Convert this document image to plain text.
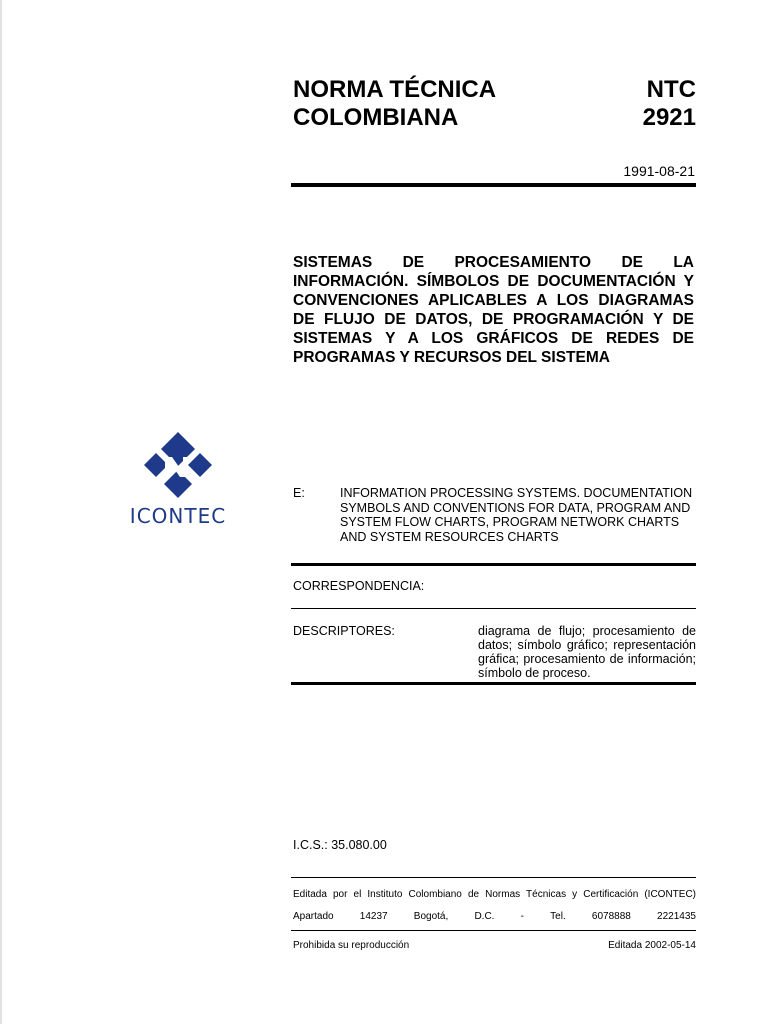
NORMA TÉCNICA
COLOMBIANA
NTC
2921
1991-08-21
SISTEMAS DE PROCESAMIENTO DE LA INFORMACIÓN. SÍMBOLOS DE DOCUMENTACIÓN Y CONVENCIONES APLICABLES A LOS DIAGRAMAS DE FLUJO DE DATOS, DE PROGRAMACIÓN Y DE SISTEMAS Y A LOS GRÁFICOS DE REDES DE PROGRAMAS Y RECURSOS DEL SISTEMA
ICONTEC
E:	INFORMATION PROCESSING SYSTEMS. DOCUMENTATION SYMBOLS AND CONVENTIONS FOR DATA, PROGRAM AND SYSTEM FLOW CHARTS, PROGRAM NETWORK CHARTS AND SYSTEM RESOURCES CHARTS
CORRESPONDENCIA:
DESCRIPTORES:	diagrama de flujo; procesamiento de datos; símbolo gráfico; representación gráfica; procesamiento de información; símbolo de proceso.
I.C.S.: 35.080.00
Editada por el Instituto Colombiano de Normas Técnicas y Certificación (ICONTEC)
Apartado	14237	Bogotá,	D.C.	-	Tel.	6078888	2221435
Prohibida su reproducción	Editada 2002-05-14
